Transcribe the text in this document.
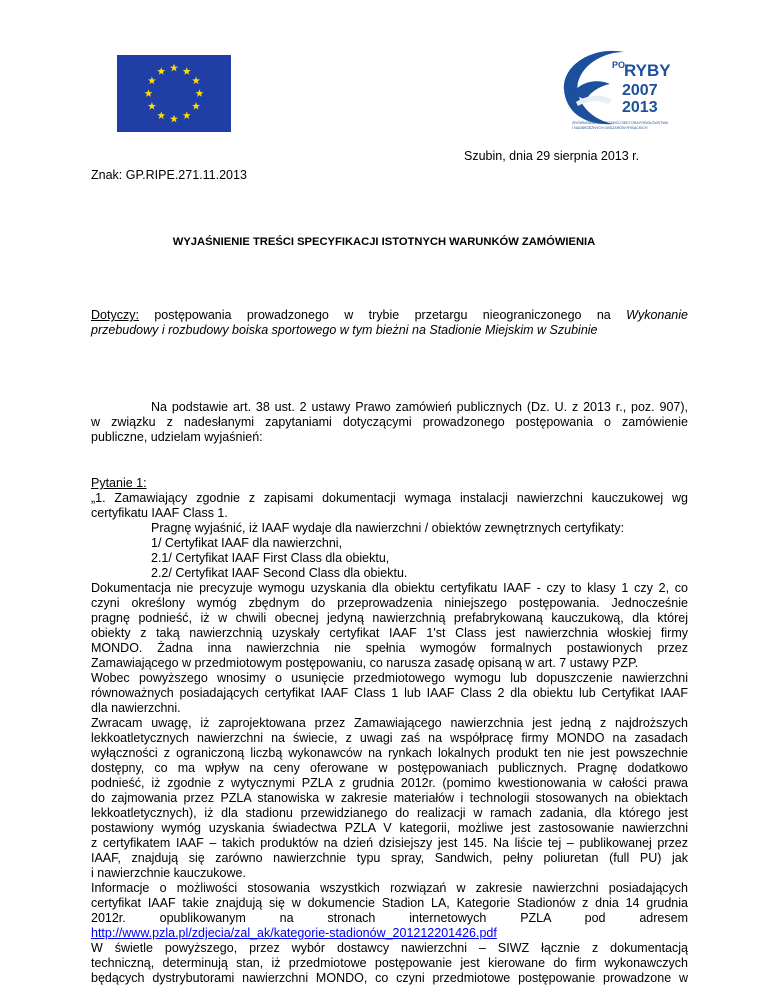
PO
RYBY
2007
2013
ZRÓWNOWAŻONY ROZWÓJ SEKTORA RYBOŁÓWSTWA
I NADBRZEŻNYCH OBSZARÓW RYBACKICH
Szubin, dnia 29 sierpnia 2013 r.
Znak: GP.RIPE.271.11.2013
WYJAŚNIENIE TREŚCI SPECYFIKACJI ISTOTNYCH WARUNKÓW ZAMÓWIENIA
Dotyczy: postępowania prowadzonego w trybie przetargu nieograniczonego na Wykonanie
przebudowy i rozbudowy boiska sportowego w tym bieżni na Stadionie Miejskim w Szubinie
Na podstawie art. 38 ust. 2 ustawy Prawo zamówień publicznych (Dz. U. z 2013 r., poz. 907),
w związku z nadesłanymi zapytaniami dotyczącymi prowadzonego postępowania o zamówienie
publiczne, udzielam wyjaśnień:
Pytanie 1:
„1. Zamawiający zgodnie z zapisami dokumentacji wymaga instalacji nawierzchni kauczukowej wg
certyfikatu IAAF Class 1.
Pragnę wyjaśnić, iż IAAF wydaje dla nawierzchni / obiektów zewnętrznych certyfikaty:
1/ Certyfikat IAAF dla nawierzchni,
2.1/ Certyfikat IAAF First Class dla obiektu,
2.2/ Certyfikat IAAF Second Class dla obiektu.
Dokumentacja nie precyzuje wymogu uzyskania dla obiektu certyfikatu IAAF - czy to klasy 1 czy 2, co
czyni określony wymóg zbędnym do przeprowadzenia niniejszego postępowania. Jednocześnie
pragnę podnieść, iż w chwili obecnej jedyną nawierzchnią prefabrykowaną kauczukową, dla której
obiekty z taką nawierzchnią uzyskały certyfikat IAAF 1'st Class jest nawierzchnia włoskiej firmy
MONDO. Żadna inna nawierzchnia nie spełnia wymogów formalnych postawionych przez
Zamawiającego w przedmiotowym postępowaniu, co narusza zasadę opisaną w art. 7 ustawy PZP.
Wobec powyższego wnosimy o usunięcie przedmiotowego wymogu lub dopuszczenie nawierzchni
równoważnych posiadających certyfikat IAAF Class 1 lub IAAF Class 2 dla obiektu lub Certyfikat IAAF
dla nawierzchni.
Zwracam uwagę, iż zaprojektowana przez Zamawiającego nawierzchnia jest jedną z najdroższych
lekkoatletycznych nawierzchni na świecie, z uwagi zaś na współpracę firmy MONDO na zasadach
wyłączności z ograniczoną liczbą wykonawców na rynkach lokalnych produkt ten nie jest powszechnie
dostępny, co ma wpływ na ceny oferowane w postępowaniach publicznych. Pragnę dodatkowo
podnieść, iż zgodnie z wytycznymi PZLA z grudnia 2012r. (pomimo kwestionowania w całości prawa
do zajmowania przez PZLA stanowiska w zakresie materiałów i technologii stosowanych na obiektach
lekkoatletycznych), iż dla stadionu przewidzianego do realizacji w ramach zadania, dla którego jest
postawiony wymóg uzyskania świadectwa PZLA V kategorii, możliwe jest zastosowanie nawierzchni
z certyfikatem IAAF – takich produktów na dzień dzisiejszy jest 145. Na liście tej – publikowanej przez
IAAF, znajdują się zarówno nawierzchnie typu spray, Sandwich, pełny poliuretan (full PU) jak
i nawierzchnie kauczukowe.
Informacje o możliwości stosowania wszystkich rozwiązań w zakresie nawierzchni posiadających
certyfikat IAAF takie znajdują się w dokumencie Stadion LA, Kategorie Stadionów z dnia 14 grudnia
2012r. opublikowanym na stronach internetowych PZLA pod adresem
http://www.pzla.pl/zdjecia/zal_ak/kategorie-stadionów_201212201426.pdf
W świetle powyższego, przez wybór dostawcy nawierzchni – SIWZ łącznie z dokumentacją
techniczną, determinują stan, iż przedmiotowe postępowanie jest kierowane do firm wykonawczych
będących dystrybutorami nawierzchni MONDO, co czyni przedmiotowe postępowanie prowadzone w
